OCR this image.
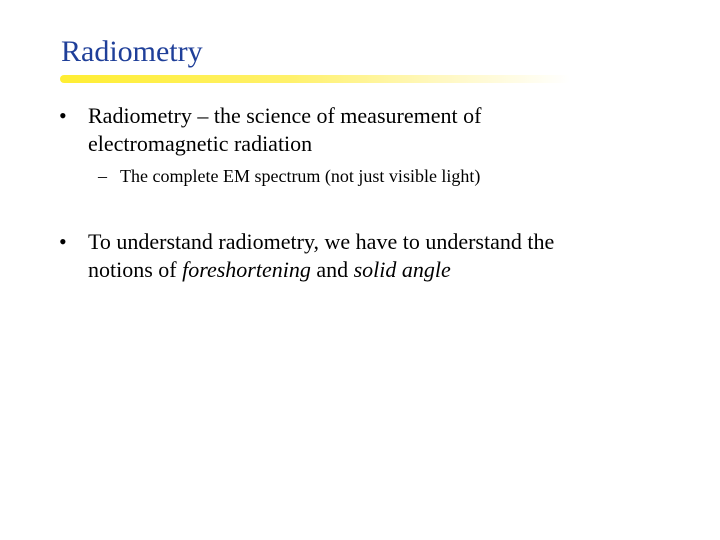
Radiometry
• Radiometry – the science of measurement of electromagnetic radiation
– The complete EM spectrum (not just visible light)
• To understand radiometry, we have to understand the notions of foreshortening and solid angle
